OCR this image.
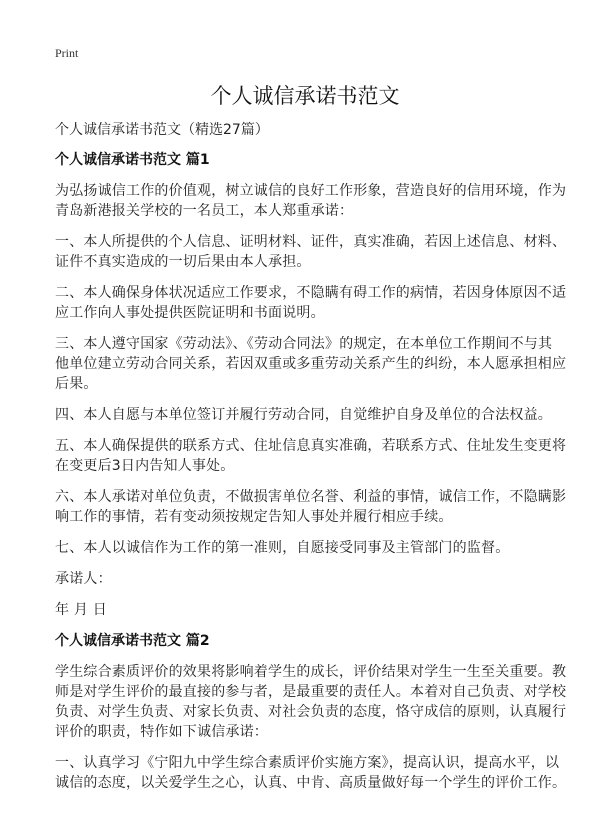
Print
个人诚信承诺书范文
个人诚信承诺书范文（精选27篇）
个人诚信承诺书范文 篇1
为弘扬诚信工作的价值观，树立诚信的良好工作形象，营造良好的信用环境，作为
青岛新港报关学校的一名员工，本人郑重承诺：
一、本人所提供的个人信息、证明材料、证件，真实准确，若因上述信息、材料、
证件不真实造成的一切后果由本人承担。
二、本人确保身体状况适应工作要求，不隐瞒有碍工作的病情，若因身体原因不适
应工作向人事处提供医院证明和书面说明。
三、本人遵守国家《劳动法》、《劳动合同法》的规定，在本单位工作期间不与其
他单位建立劳动合同关系，若因双重或多重劳动关系产生的纠纷，本人愿承担相应
后果。
四、本人自愿与本单位签订并履行劳动合同，自觉维护自身及单位的合法权益。
五、本人确保提供的联系方式、住址信息真实准确，若联系方式、住址发生变更将
在变更后3日内告知人事处。
六、本人承诺对单位负责，不做损害单位名誉、利益的事情，诚信工作，不隐瞒影
响工作的事情，若有变动须按规定告知人事处并履行相应手续。
七、本人以诚信作为工作的第一准则，自愿接受同事及主管部门的监督。
承诺人：
年 月 日
个人诚信承诺书范文 篇2
学生综合素质评价的效果将影响着学生的成长，评价结果对学生一生至关重要。教
师是对学生评价的最直接的参与者，是最重要的责任人。本着对自己负责、对学校
负责、对学生负责、对家长负责、对社会负责的态度，恪守成信的原则，认真履行
评价的职责，特作如下诚信承诺：
一、认真学习《宁阳九中学生综合素质评价实施方案》，提高认识，提高水平，以
诚信的态度，以关爱学生之心，认真、中肯、高质量做好每一个学生的评价工作。
